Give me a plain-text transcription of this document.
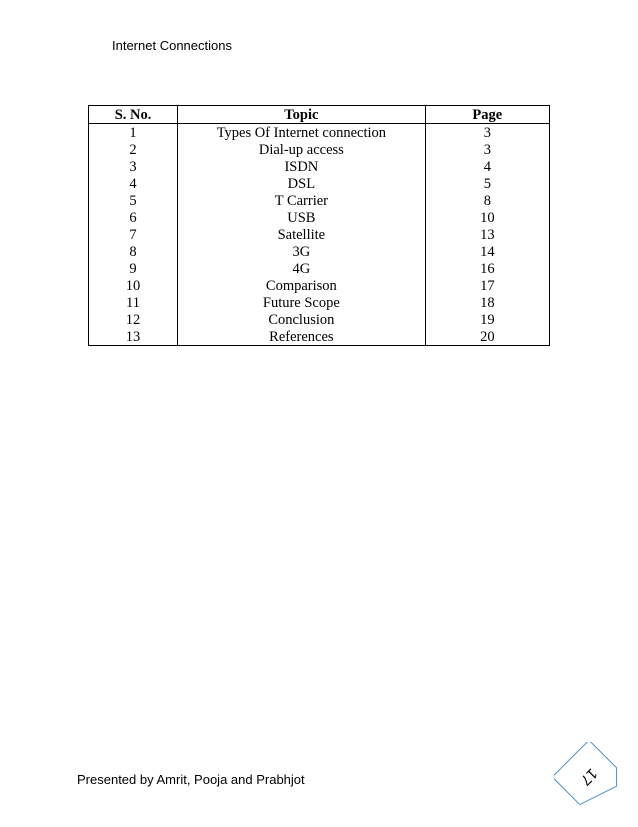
Internet Connections
S. No.	Topic	Page
1	Types Of Internet connection	3
2	Dial-up access	3
3	ISDN	4
4	DSL	5
5	T Carrier	8
6	USB	10
7	Satellite	13
8	3G	14
9	4G	16
10	Comparison	17
11	Future Scope	18
12	Conclusion	19
13	References	20
Presented by Amrit, Pooja and Prabhjot	17
